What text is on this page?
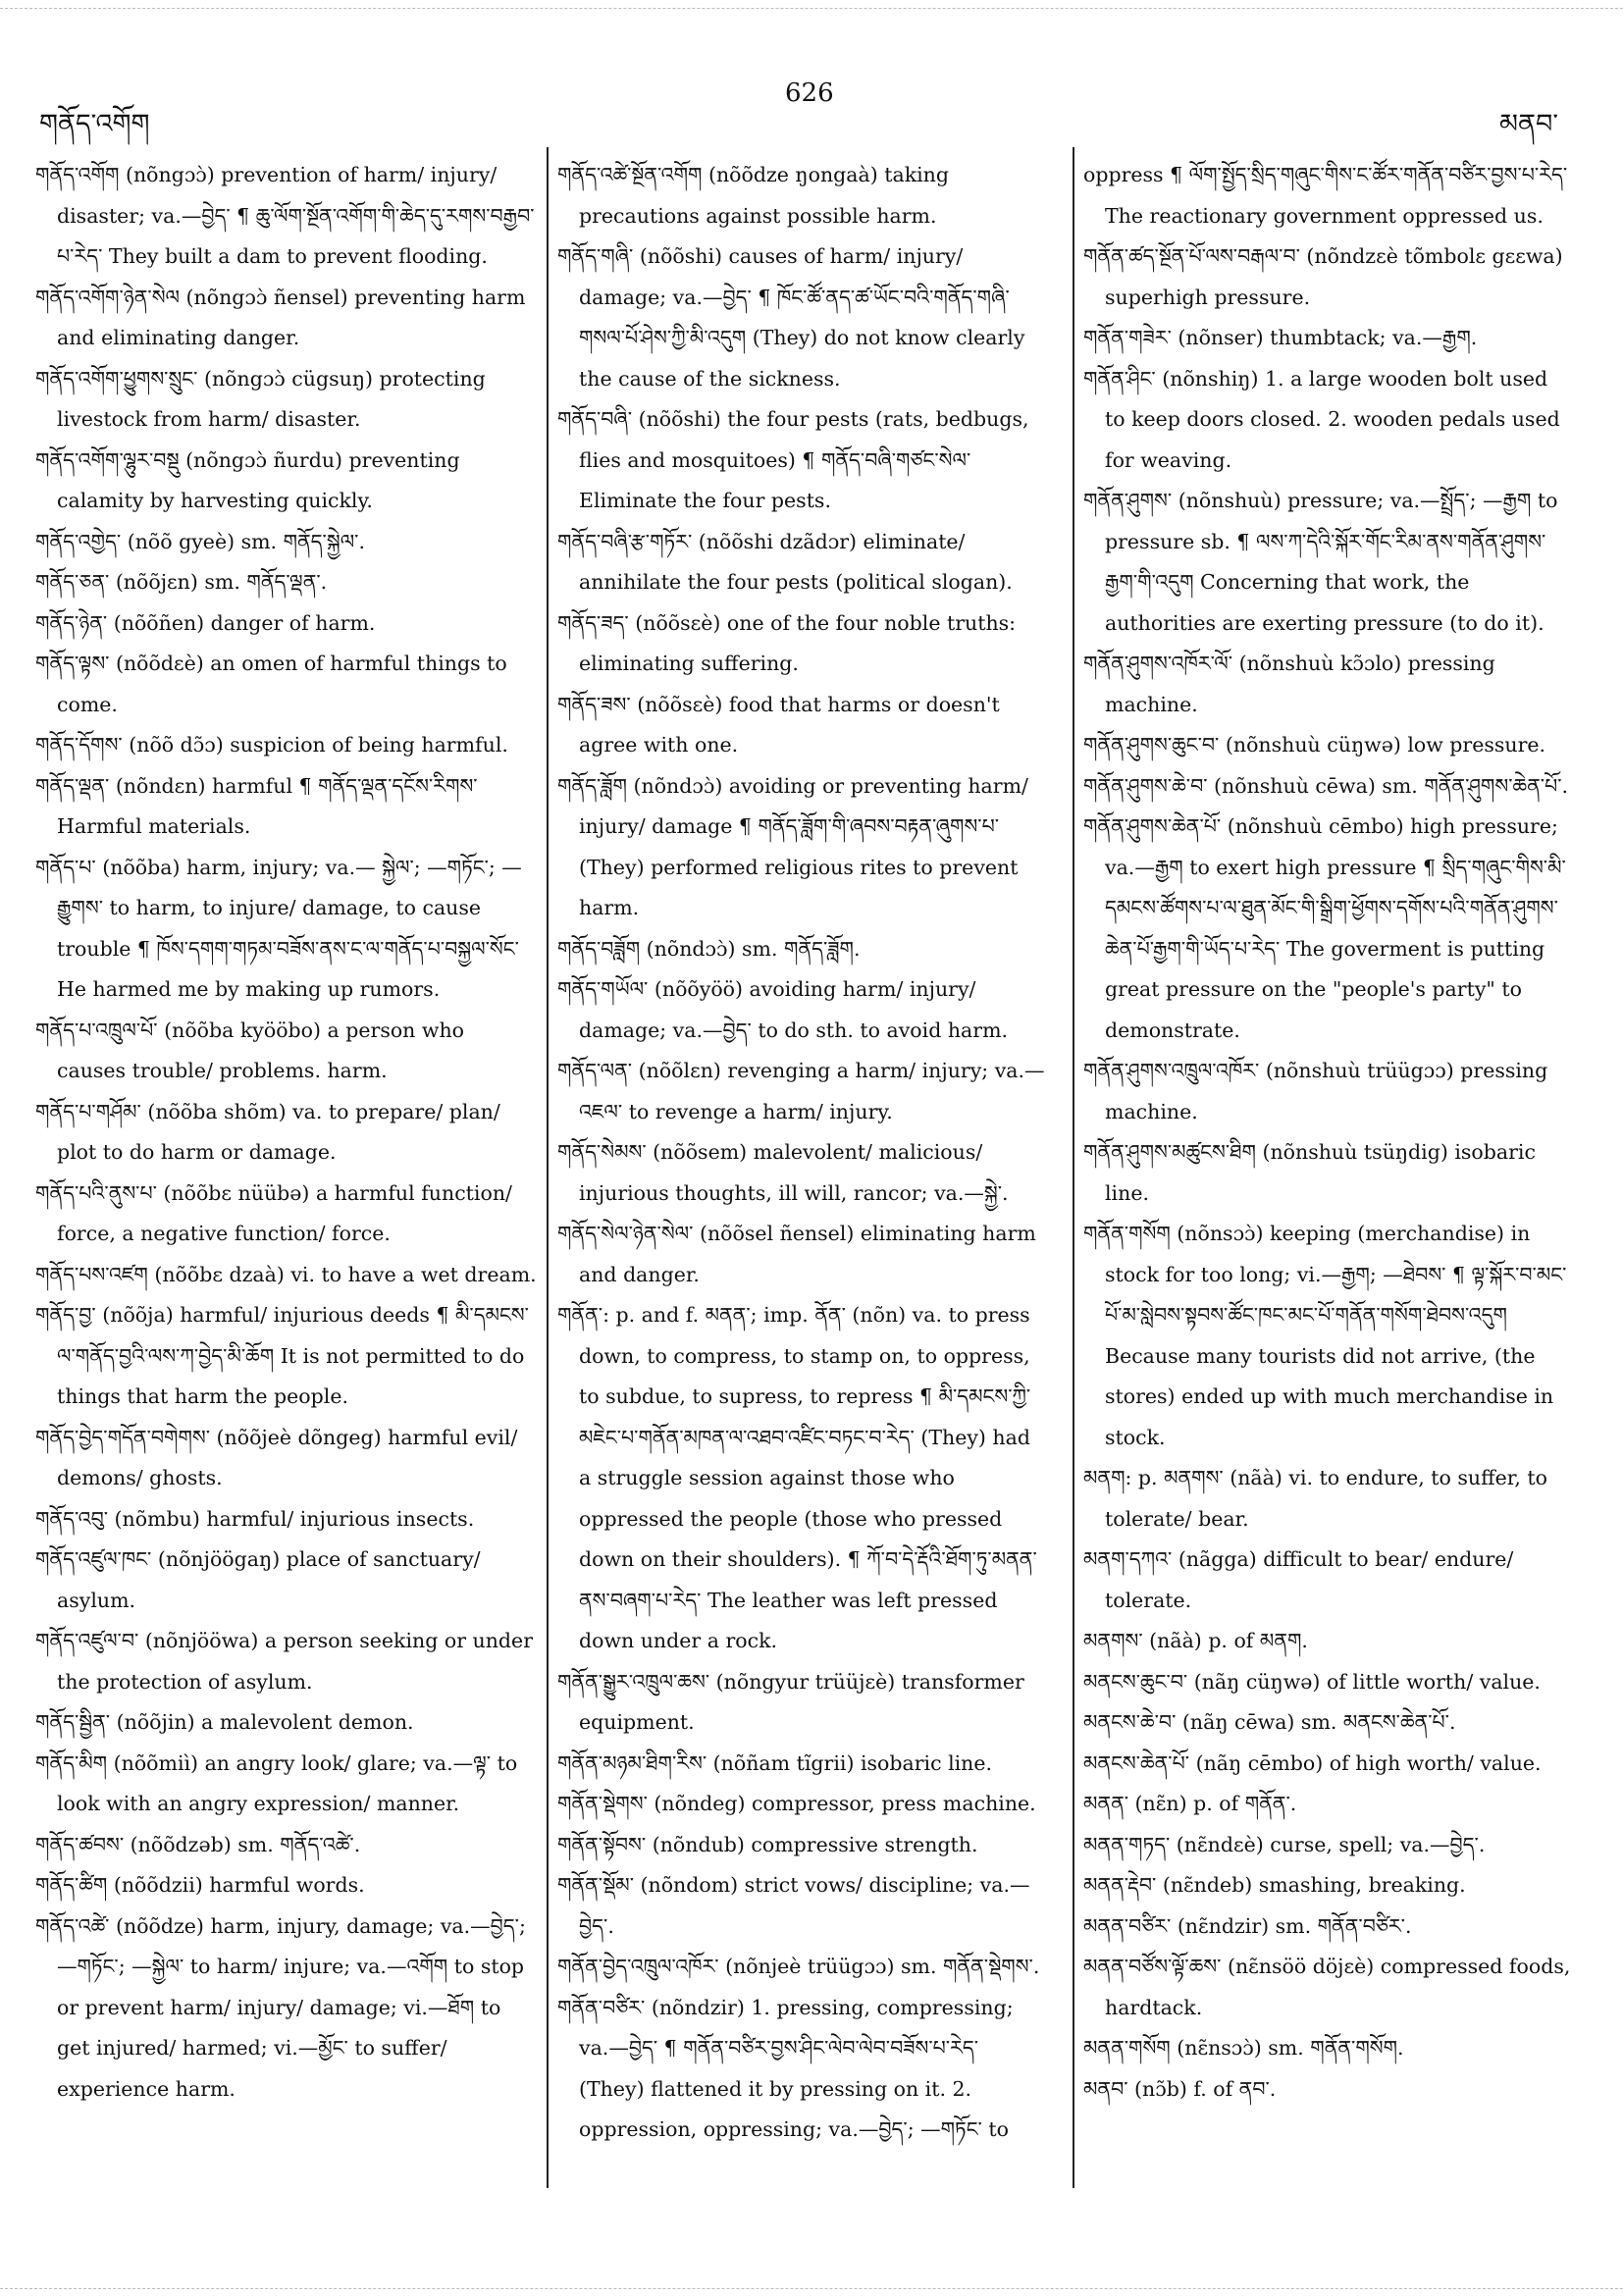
གནོད་འགོག
626
མནབ་
གནོད་འགོག (nõngɔɔ̀) prevention of harm/ injury/ disaster; va.—བྱེད་ ¶ ཆུ་ལོག་སྔོན་འགོག་གི་ཆེད་དུ་རགས་བརྒྱབ་པ་རེད་ They built a dam to prevent flooding.
གནོད་འགོག་ཉེན་སེལ (nõngɔɔ̀ ñensel) preventing harm and eliminating danger.
གནོད་འགོག་ཕྱུགས་སྲུང་ (nõngɔɔ̀ cügsuŋ) protecting livestock from harm/ disaster.
གནོད་འགོག་ལྷུར་བསྡུ (nõngɔɔ̀ ñurdu) preventing calamity by harvesting quickly.
གནོད་འགྱེད་ (nõõ gyeè) sm. གནོད་སྐྱེལ་.
གནོད་ཅན་ (nõõjɛn) sm. གནོད་ལྡན་.
གནོད་ཉེན་ (nõõñen) danger of harm.
གནོད་ལྟས་ (nõõdɛè) an omen of harmful things to come.
གནོད་དོགས་ (nõõ dɔ̃ɔ) suspicion of being harmful.
གནོད་ལྡན་ (nõndɛn) harmful ¶ གནོད་ལྡན་དངོས་རིགས་ Harmful materials.
གནོད་པ་ (nõõba) harm, injury; va.— སྐྱེལ་; —གཏོང་; —རྒྱུགས་ to harm, to injure/ damage, to cause trouble ¶ ཁོས་དགག་གཏམ་བཟོས་ནས་ང་ལ་གནོད་པ་བསྐྱལ་སོང་ He harmed me by making up rumors.
གནོད་པ་འཁྲུལ་པོ་ (nõõba kyööbo) a person who causes trouble/ problems. harm.
གནོད་པ་གཤོམ་ (nõõba shõm) va. to prepare/ plan/ plot to do harm or damage.
གནོད་པའི་ནུས་པ་ (nõõbɛ nüübə) a harmful function/ force, a negative function/ force.
གནོད་པས་འཛག (nõõbɛ dzaà) vi. to have a wet dream.
གནོད་བྱ་ (nõõja) harmful/ injurious deeds ¶ མི་དམངས་ལ་གནོད་བྱའི་ལས་ཀ་བྱེད་མི་ཆོག It is not permitted to do things that harm the people.
གནོད་བྱེད་གདོན་བགེགས་ (nõõjeè dõngeg) harmful evil/ demons/ ghosts.
གནོད་འབུ་ (nõmbu) harmful/ injurious insects.
གནོད་འཛུལ་ཁང་ (nõnjöögaŋ) place of sanctuary/ asylum.
གནོད་འཛུལ་བ་ (nõnjööwa) a person seeking or under the protection of asylum.
གནོད་སྦྱིན་ (nõõjin) a malevolent demon.
གནོད་མིག (nõõmiì) an angry look/ glare; va.—ལྟ་ to look with an angry expression/ manner.
གནོད་ཚབས་ (nõõdzəb) sm. གནོད་འཚེ་.
གནོད་ཚིག (nõõdzii) harmful words.
གནོད་འཚེ་ (nõõdze) harm, injury, damage; va.—བྱེད་; —གཏོང་; —སྐྱེལ་ to harm/ injure; va.—འགོག to stop or prevent harm/ injury/ damage; vi.—ཐོག to get injured/ harmed; vi.—མྱོང་ to suffer/ experience harm.
གནོད་འཚེ་སྔོན་འགོག (nõõdze ŋongaà) taking precautions against possible harm.
གནོད་གཞི་ (nõõshi) causes of harm/ injury/ damage; va.—བྱེད་ ¶ ཁོང་ཚོ་ནད་ཚ་ཡོང་བའི་གནོད་གཞི་གསལ་པོ་ཤེས་ཀྱི་མི་འདུག (They) do not know clearly the cause of the sickness.
གནོད་བཞི་ (nõõshi) the four pests (rats, bedbugs, flies and mosquitoes) ¶ གནོད་བཞི་གཙང་སེལ་ Eliminate the four pests.
གནོད་བཞི་རྩ་གཏོར་ (nõõshi dzãdɔr) eliminate/ annihilate the four pests (political slogan).
གནོད་ཟད་ (nõõsɛè) one of the four noble truths: eliminating suffering.
གནོད་ཟས་ (nõõsɛè) food that harms or doesn't agree with one.
གནོད་ཟློག (nõndɔɔ̀) avoiding or preventing harm/ injury/ damage ¶ གནོད་ཟློག་གི་ཞབས་བརྟན་ཞུགས་པ་ (They) performed religious rites to prevent harm.
གནོད་བཟློག (nõndɔɔ̀) sm. གནོད་ཟློག.
གནོད་གཡོལ་ (nõõyöö) avoiding harm/ injury/ damage; va.—བྱེད་ to do sth. to avoid harm.
གནོད་ལན་ (nõõlɛn) revenging a harm/ injury; va.—འཇལ་ to revenge a harm/ injury.
གནོད་སེམས་ (nõõsem) malevolent/ malicious/ injurious thoughts, ill will, rancor; va.—སྐྱེ་.
གནོད་སེལ་ཉེན་སེལ་ (nõõsel ñensel) eliminating harm and danger.
གནོན་: p. and f. མནན་; imp. ནོན་ (nõn) va. to press down, to compress, to stamp on, to oppress, to subdue, to supress, to repress ¶ མི་དམངས་ཀྱི་མཇེང་པ་གནོན་མཁན་ལ་འཐབ་འཛིང་བཏང་བ་རེད་ (They) had a struggle session against those who oppressed the people (those who pressed down on their shoulders). ¶ ཀོ་བ་དེ་རྡོའི་ཐོག་ཏུ་མནན་ནས་བཞག་པ་རེད་ The leather was left pressed down under a rock.
གནོན་སྒྱུར་འཁྲུལ་ཆས་ (nõngyur trüüjɛè) transformer equipment.
གནོན་མཉམ་ཐིག་རིས་ (nõñam tĩgrii) isobaric line.
གནོན་སྡེགས་ (nõndeg) compressor, press machine.
གནོན་སྟོབས་ (nõndub) compressive strength.
གནོན་སྡོམ་ (nõndom) strict vows/ discipline; va.—བྱེད་.
གནོན་བྱེད་འཁྲུལ་འཁོར་ (nõnjeè trüügɔɔ) sm. གནོན་སྡེགས་.
གནོན་བཙིར་ (nõndzir) 1. pressing, compressing; va.—བྱེད་ ¶ གནོན་བཙིར་བྱས་ཤིང་ལེབ་ལེབ་བཟོས་པ་རེད་ (They) flattened it by pressing on it. 2. oppression, oppressing; va.—བྱེད་; —གཏོང་ to
oppress ¶ ལོག་སྤྱོད་སྲིད་གཞུང་གིས་ང་ཚོར་གནོན་བཙིར་བྱས་པ་རེད་ The reactionary government oppressed us.
གནོན་ཚད་སྔོན་པོ་ལས་བརྒལ་བ་ (nõndzɛè tõmbolɛ gɛɛwa) superhigh pressure.
གནོན་གཟེར་ (nõnser) thumbtack; va.—རྒྱག.
གནོན་ཤིང་ (nõnshiŋ) 1. a large wooden bolt used to keep doors closed. 2. wooden pedals used for weaving.
གནོན་ཤུགས་ (nõnshuù) pressure; va.—སྤྲོད་; —རྒྱག to pressure sb. ¶ ལས་ཀ་དེའི་སྐོར་གོང་རིམ་ནས་གནོན་ཤུགས་རྒྱག་གི་འདུག Concerning that work, the authorities are exerting pressure (to do it).
གནོན་ཤུགས་འཁོར་ལོ་ (nõnshuù kɔ̃ɔlo) pressing machine.
གནོན་ཤུགས་ཆུང་བ་ (nõnshuù cüŋwə) low pressure.
གནོན་ཤུགས་ཆེ་བ་ (nõnshuù cēwa) sm. གནོན་ཤུགས་ཆེན་པོ་.
གནོན་ཤུགས་ཆེན་པོ་ (nõnshuù cēmbo) high pressure; va.—རྒྱག to exert high pressure ¶ སྲིད་གཞུང་གིས་མི་དམངས་ཚོགས་པ་ལ་ཐུན་མོང་གི་སྒྲིག་ཕྱོགས་དགོས་པའི་གནོན་ཤུགས་ཆེན་པོ་རྒྱག་གི་ཡོད་པ་རེད་ The goverment is putting great pressure on the "people's party" to demonstrate.
གནོན་ཤུགས་འཁྲུལ་འཁོར་ (nõnshuù trüügɔɔ) pressing machine.
གནོན་ཤུགས་མཚུངས་ཐིག (nõnshuù tsüŋdig) isobaric line.
གནོན་གསོག (nõnsɔɔ̀) keeping (merchandise) in stock for too long; vi.—རྒྱག; —ཐེབས་ ¶ ལྟ་སྐོར་བ་མང་པོ་མ་སླེབས་སྟབས་ཚོང་ཁང་མང་པོ་གནོན་གསོག་ཐེབས་འདུག Because many tourists did not arrive, (the stores) ended up with much merchandise in stock.
མནག: p. མནགས་ (nãà) vi. to endure, to suffer, to tolerate/ bear.
མནག་དཀའ་ (nãgga) difficult to bear/ endure/ tolerate.
མནགས་ (nãà) p. of མནག.
མནངས་ཆུང་བ་ (nãŋ cüŋwə) of little worth/ value.
མནངས་ཆེ་བ་ (nãŋ cēwa) sm. མནངས་ཆེན་པོ་.
མནངས་ཆེན་པོ་ (nãŋ cēmbo) of high worth/ value.
མནན་ (nɛ̃n) p. of གནོན་.
མནན་གཏད་ (nɛ̃ndɛè) curse, spell; va.—བྱེད་.
མནན་རྡེབ་ (nɛ̃ndeb) smashing, breaking.
མནན་བཙིར་ (nɛ̃ndzir) sm. གནོན་བཙིར་.
མནན་བཙོས་ལྟོ་ཆས་ (nɛ̃nsöö döjɛè) compressed foods, hardtack.
མནན་གསོག (nɛ̃nsɔɔ̀) sm. གནོན་གསོག.
མནབ་ (nɔ̃b) f. of ནབ་.
